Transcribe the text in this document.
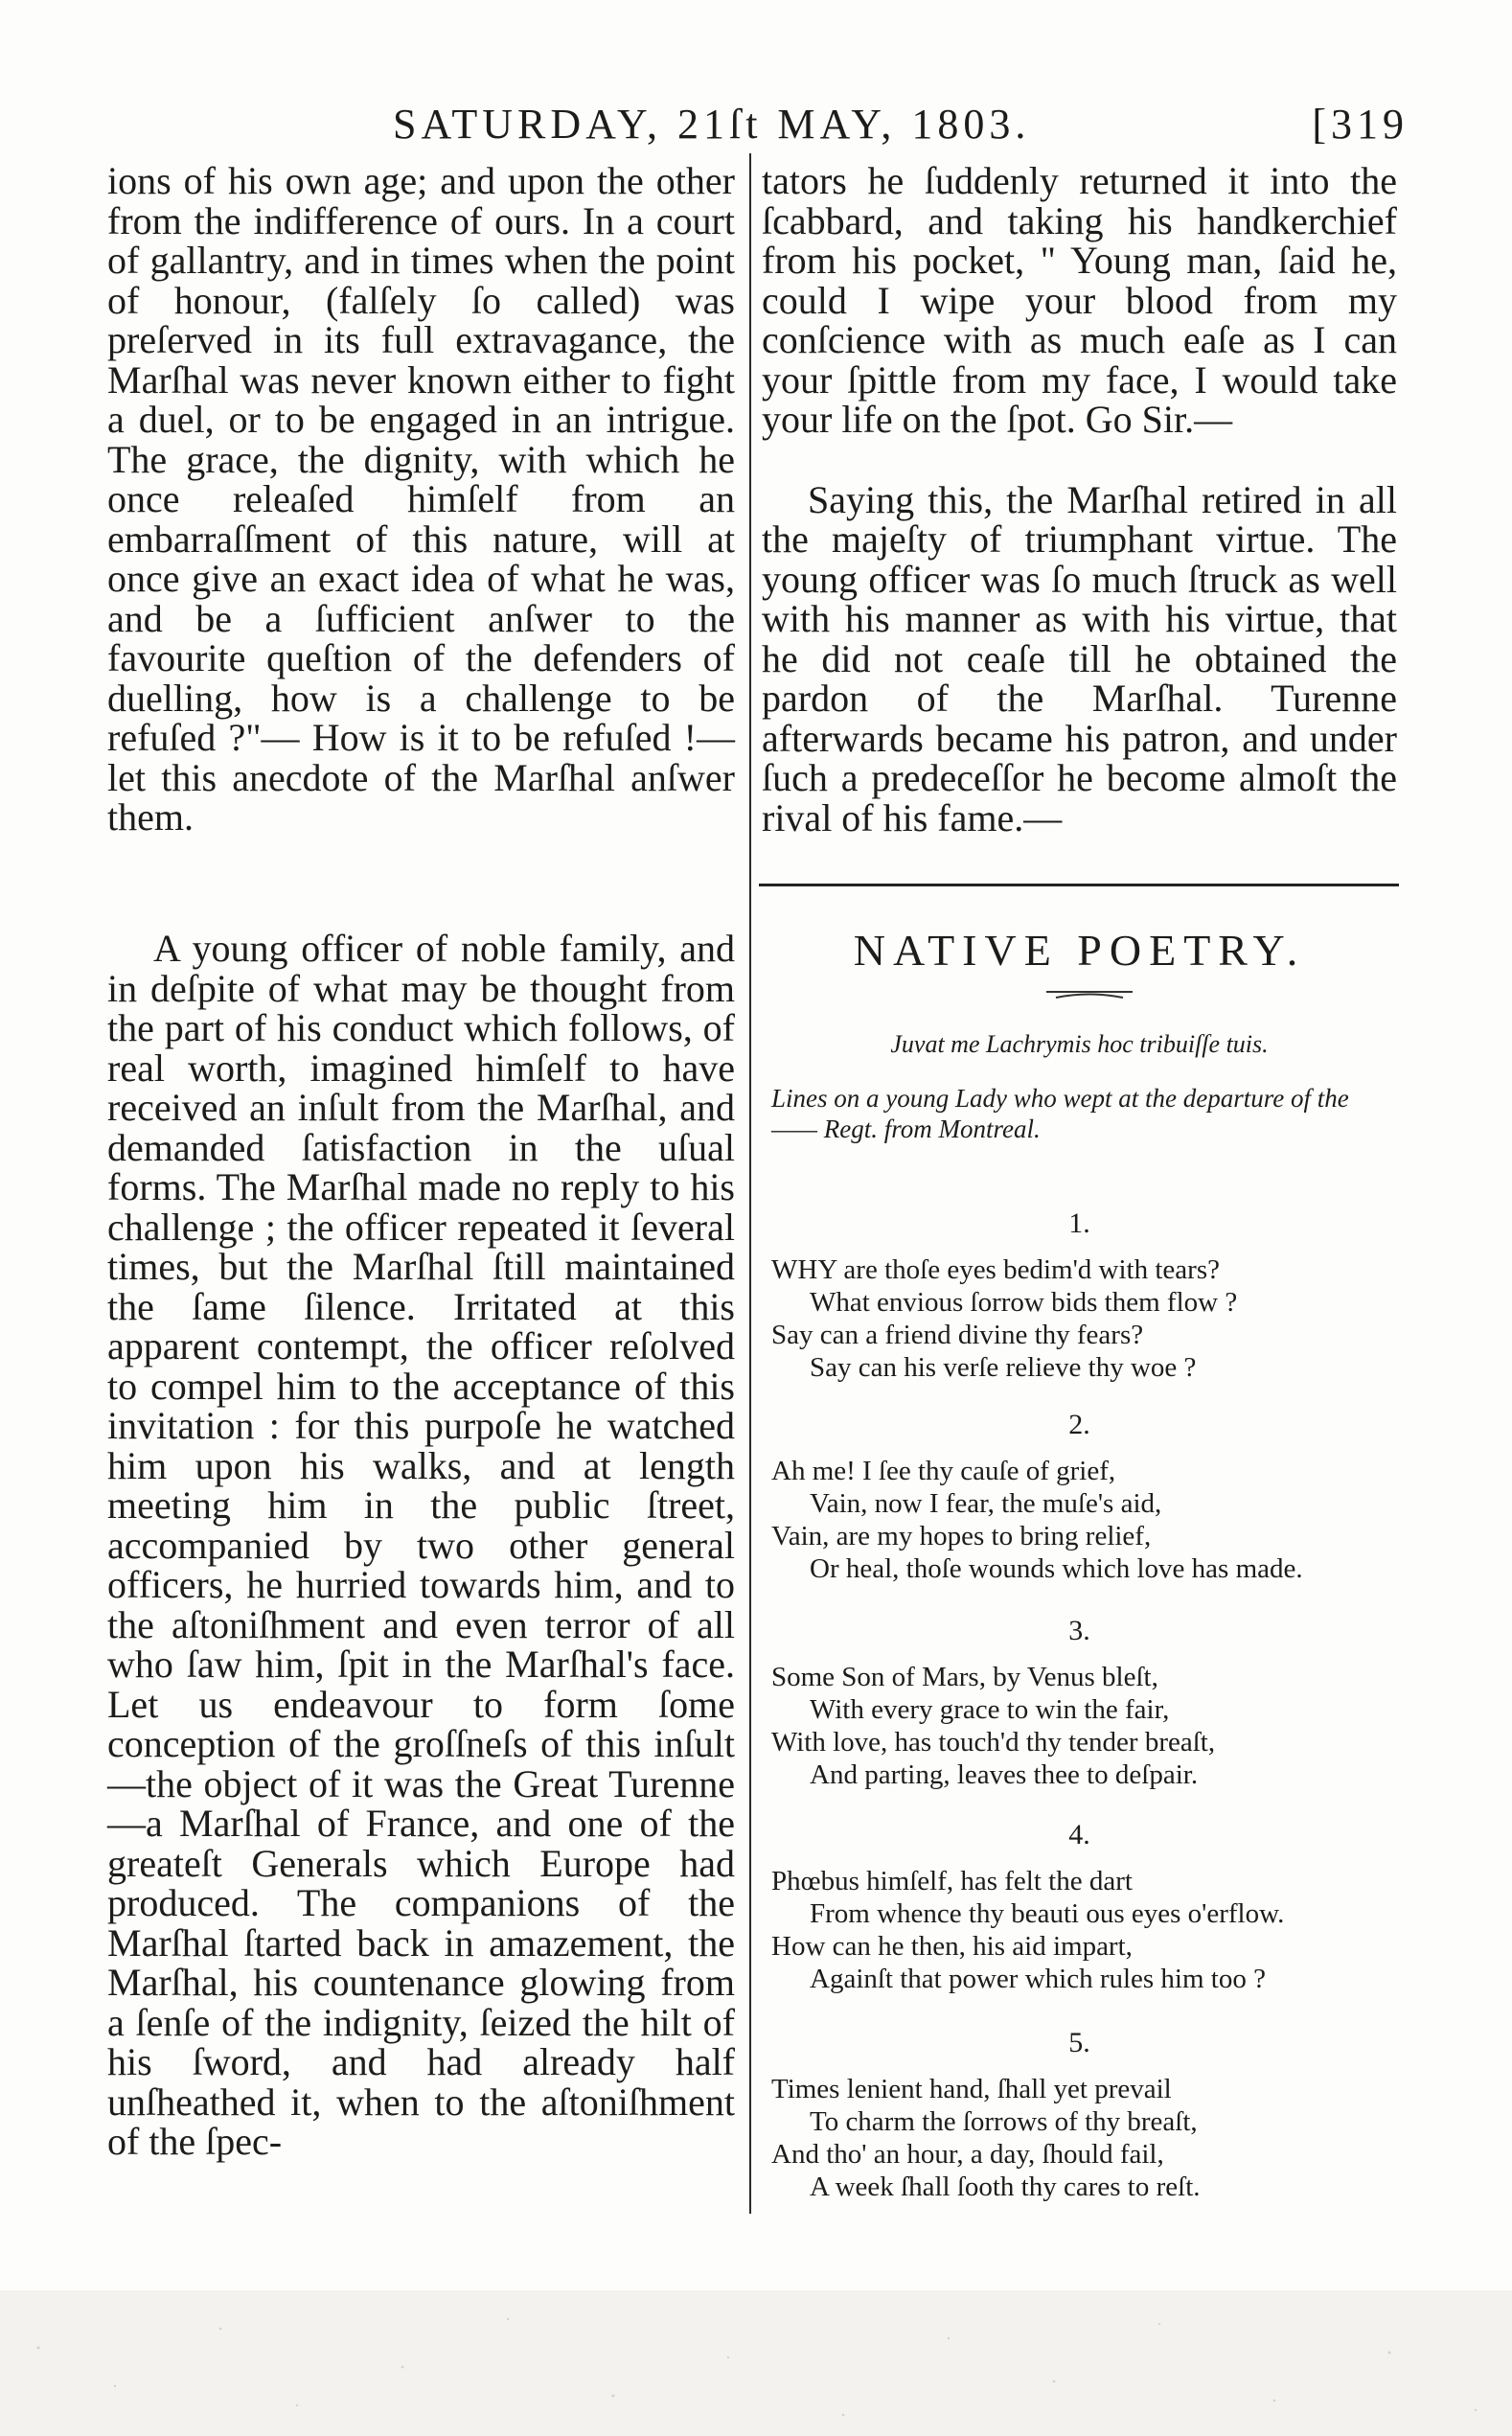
SATURDAY, 21ſt MAY, 1803.	[319

ions of his own age; and upon the other from the indifference of ours. In a court of gallantry, and in times when the point of honour, (falſely ſo called) was preſerved in its full extravagance, the Marſhal was never known either to fight a duel, or to be engaged in an intrigue. The grace, the dignity, with which he once releaſed himſelf from an embarraſſment of this nature, will at once give an exact idea of what he was, and be a ſufficient anſwer to the favourite queſtion of the defenders of duelling, how is a challenge to be refuſed ?"— How is it to be refuſed !—let this anecdote of the Marſhal anſwer them.

A young officer of noble family, and in deſpite of what may be thought from the part of his conduct which follows, of real worth, imagined himſelf to have received an inſult from the Marſhal, and demanded ſatisfaction in the uſual forms. The Marſhal made no reply to his challenge ; the officer repeated it ſeveral times, but the Marſhal ſtill maintained the ſame ſilence. Irritated at this apparent contempt, the officer reſolved to compel him to the acceptance of this invitation : for this purpoſe he watched him upon his walks, and at length meeting him in the public ſtreet, accompanied by two other general officers, he hurried towards him, and to the aſtoniſhment and even terror of all who ſaw him, ſpit in the Marſhal's face. Let us endeavour to form ſome conception of the groſſneſs of this inſult—the object of it was the Great Turenne—a Marſhal of France, and one of the greateſt Generals which Europe had produced. The companions of the Marſhal ſtarted back in amazement, the Marſhal, his countenance glowing from a ſenſe of the indignity, ſeized the hilt of his ſword, and had already half unſheathed it, when to the aſtoniſhment of the ſpec-

tators he ſuddenly returned it into the ſcabbard, and taking his handkerchief from his pocket, " Young man, ſaid he, could I wipe your blood from my conſcience with as much eaſe as I can your ſpittle from my face, I would take your life on the ſpot. Go Sir.—

Saying this, the Marſhal retired in all the majeſty of triumphant virtue. The young officer was ſo much ſtruck as well with his manner as with his virtue, that he did not ceaſe till he obtained the pardon of the Marſhal. Turenne afterwards became his patron, and under ſuch a predeceſſor he become almoſt the rival of his fame.—

NATIVE POETRY.
Juvat me Lachrymis hoc tribuiſſe tuis.
Lines on a young Lady who wept at the departure of the —— Regt. from Montreal.
1.
WHY are thoſe eyes bedim'd with tears?
What envious ſorrow bids them flow ?
Say can a friend divine thy fears?
Say can his verſe relieve thy woe ?
2.
Ah me! I ſee thy cauſe of grief,
Vain, now I fear, the muſe's aid,
Vain, are my hopes to bring relief,
Or heal, thoſe wounds which love has made.
3.
Some Son of Mars, by Venus bleſt,
With every grace to win the fair,
With love, has touch'd thy tender breaſt,
And parting, leaves thee to deſpair.
4.
Phœbus himſelf, has felt the dart
From whence thy beauti ous eyes o'erflow.
How can he then, his aid impart,
Againſt that power which rules him too ?
5.
Times lenient hand, ſhall yet prevail
To charm the ſorrows of thy breaſt,
And tho' an hour, a day, ſhould fail,
A week ſhall ſooth thy cares to reſt.
